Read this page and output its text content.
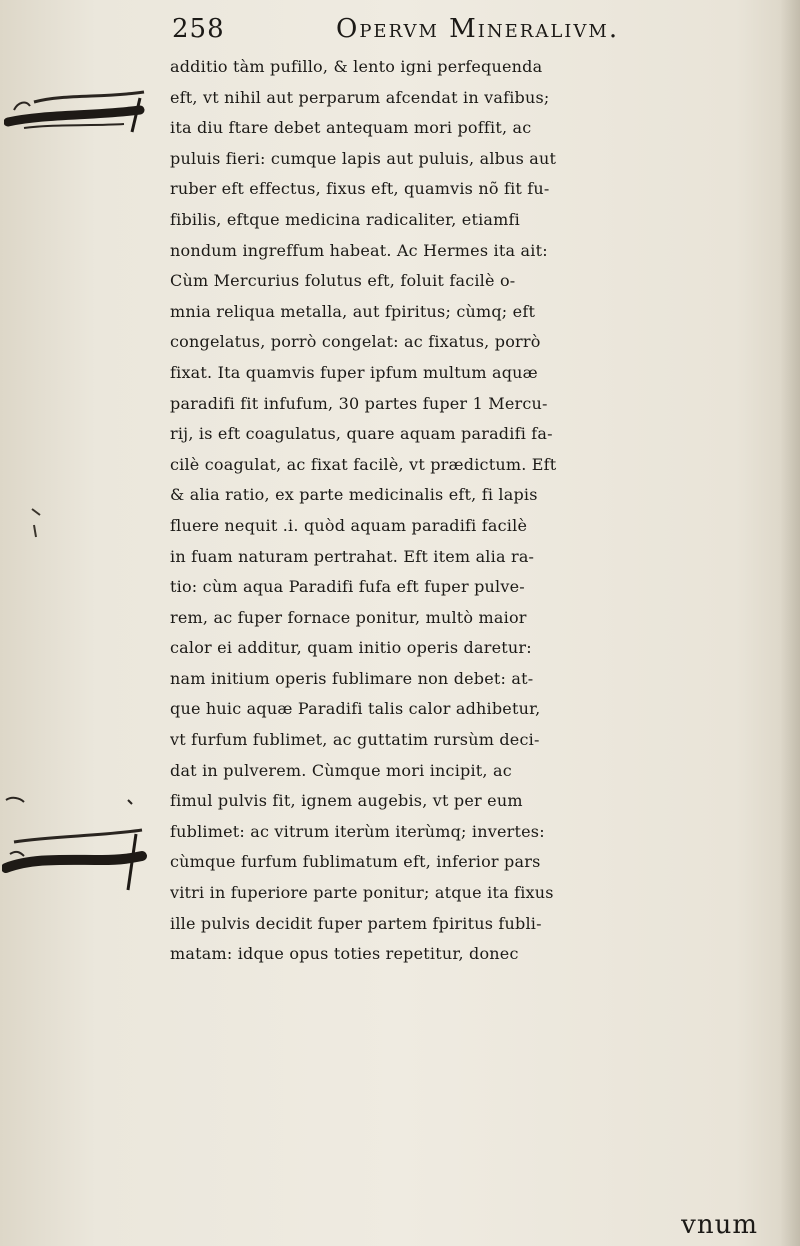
258	Opervm Mineralivm.
additio tàm pufillo, & lento igni perfequenda
eft, vt nihil aut perparum afcendat in vafibus;
ita diu ftare debet antequam mori poffit, ac
puluis fieri: cumque lapis aut puluis, albus aut
ruber eft effectus, fixus eft, quamvis nõ fit fu-
fibilis, eftque medicina radicaliter, etiamfi
nondum ingreffum habeat. Ac Hermes ita ait:
Cùm Mercurius folutus eft, foluit facilè o-
mnia reliqua metalla, aut fpiritus; cùmq; eft
congelatus, porrò congelat: ac fixatus, porrò
fixat. Ita quamvis fuper ipfum multum aquæ
paradifi fit infufum, 30 partes fuper 1 Mercu-
rij, is eft coagulatus, quare aquam paradifi fa-
cilè coagulat, ac fixat facilè, vt prædictum. Eft
& alia ratio, ex parte medicinalis eft, fi lapis
fluere nequit .i. quòd aquam paradifi facilè
in fuam naturam pertrahat. Eft item alia ra-
tio: cùm aqua Paradifi fufa eft fuper pulve-
rem, ac fuper fornace ponitur, multò maior
calor ei additur, quam initio operis daretur:
nam initium operis fublimare non debet: at-
que huic aquæ Paradifi talis calor adhibetur,
vt furfum fublimet, ac guttatim rursùm deci-
dat in pulverem. Cùmque mori incipit, ac
fimul pulvis fit, ignem augebis, vt per eum
fublimet: ac vitrum iterùm iterùmq; invertes:
cùmque furfum fublimatum eft, inferior pars
vitri in fuperiore parte ponitur; atque ita fixus
ille pulvis decidit fuper partem fpiritus fubli-
matam: idque opus toties repetitur, donec
vnum
